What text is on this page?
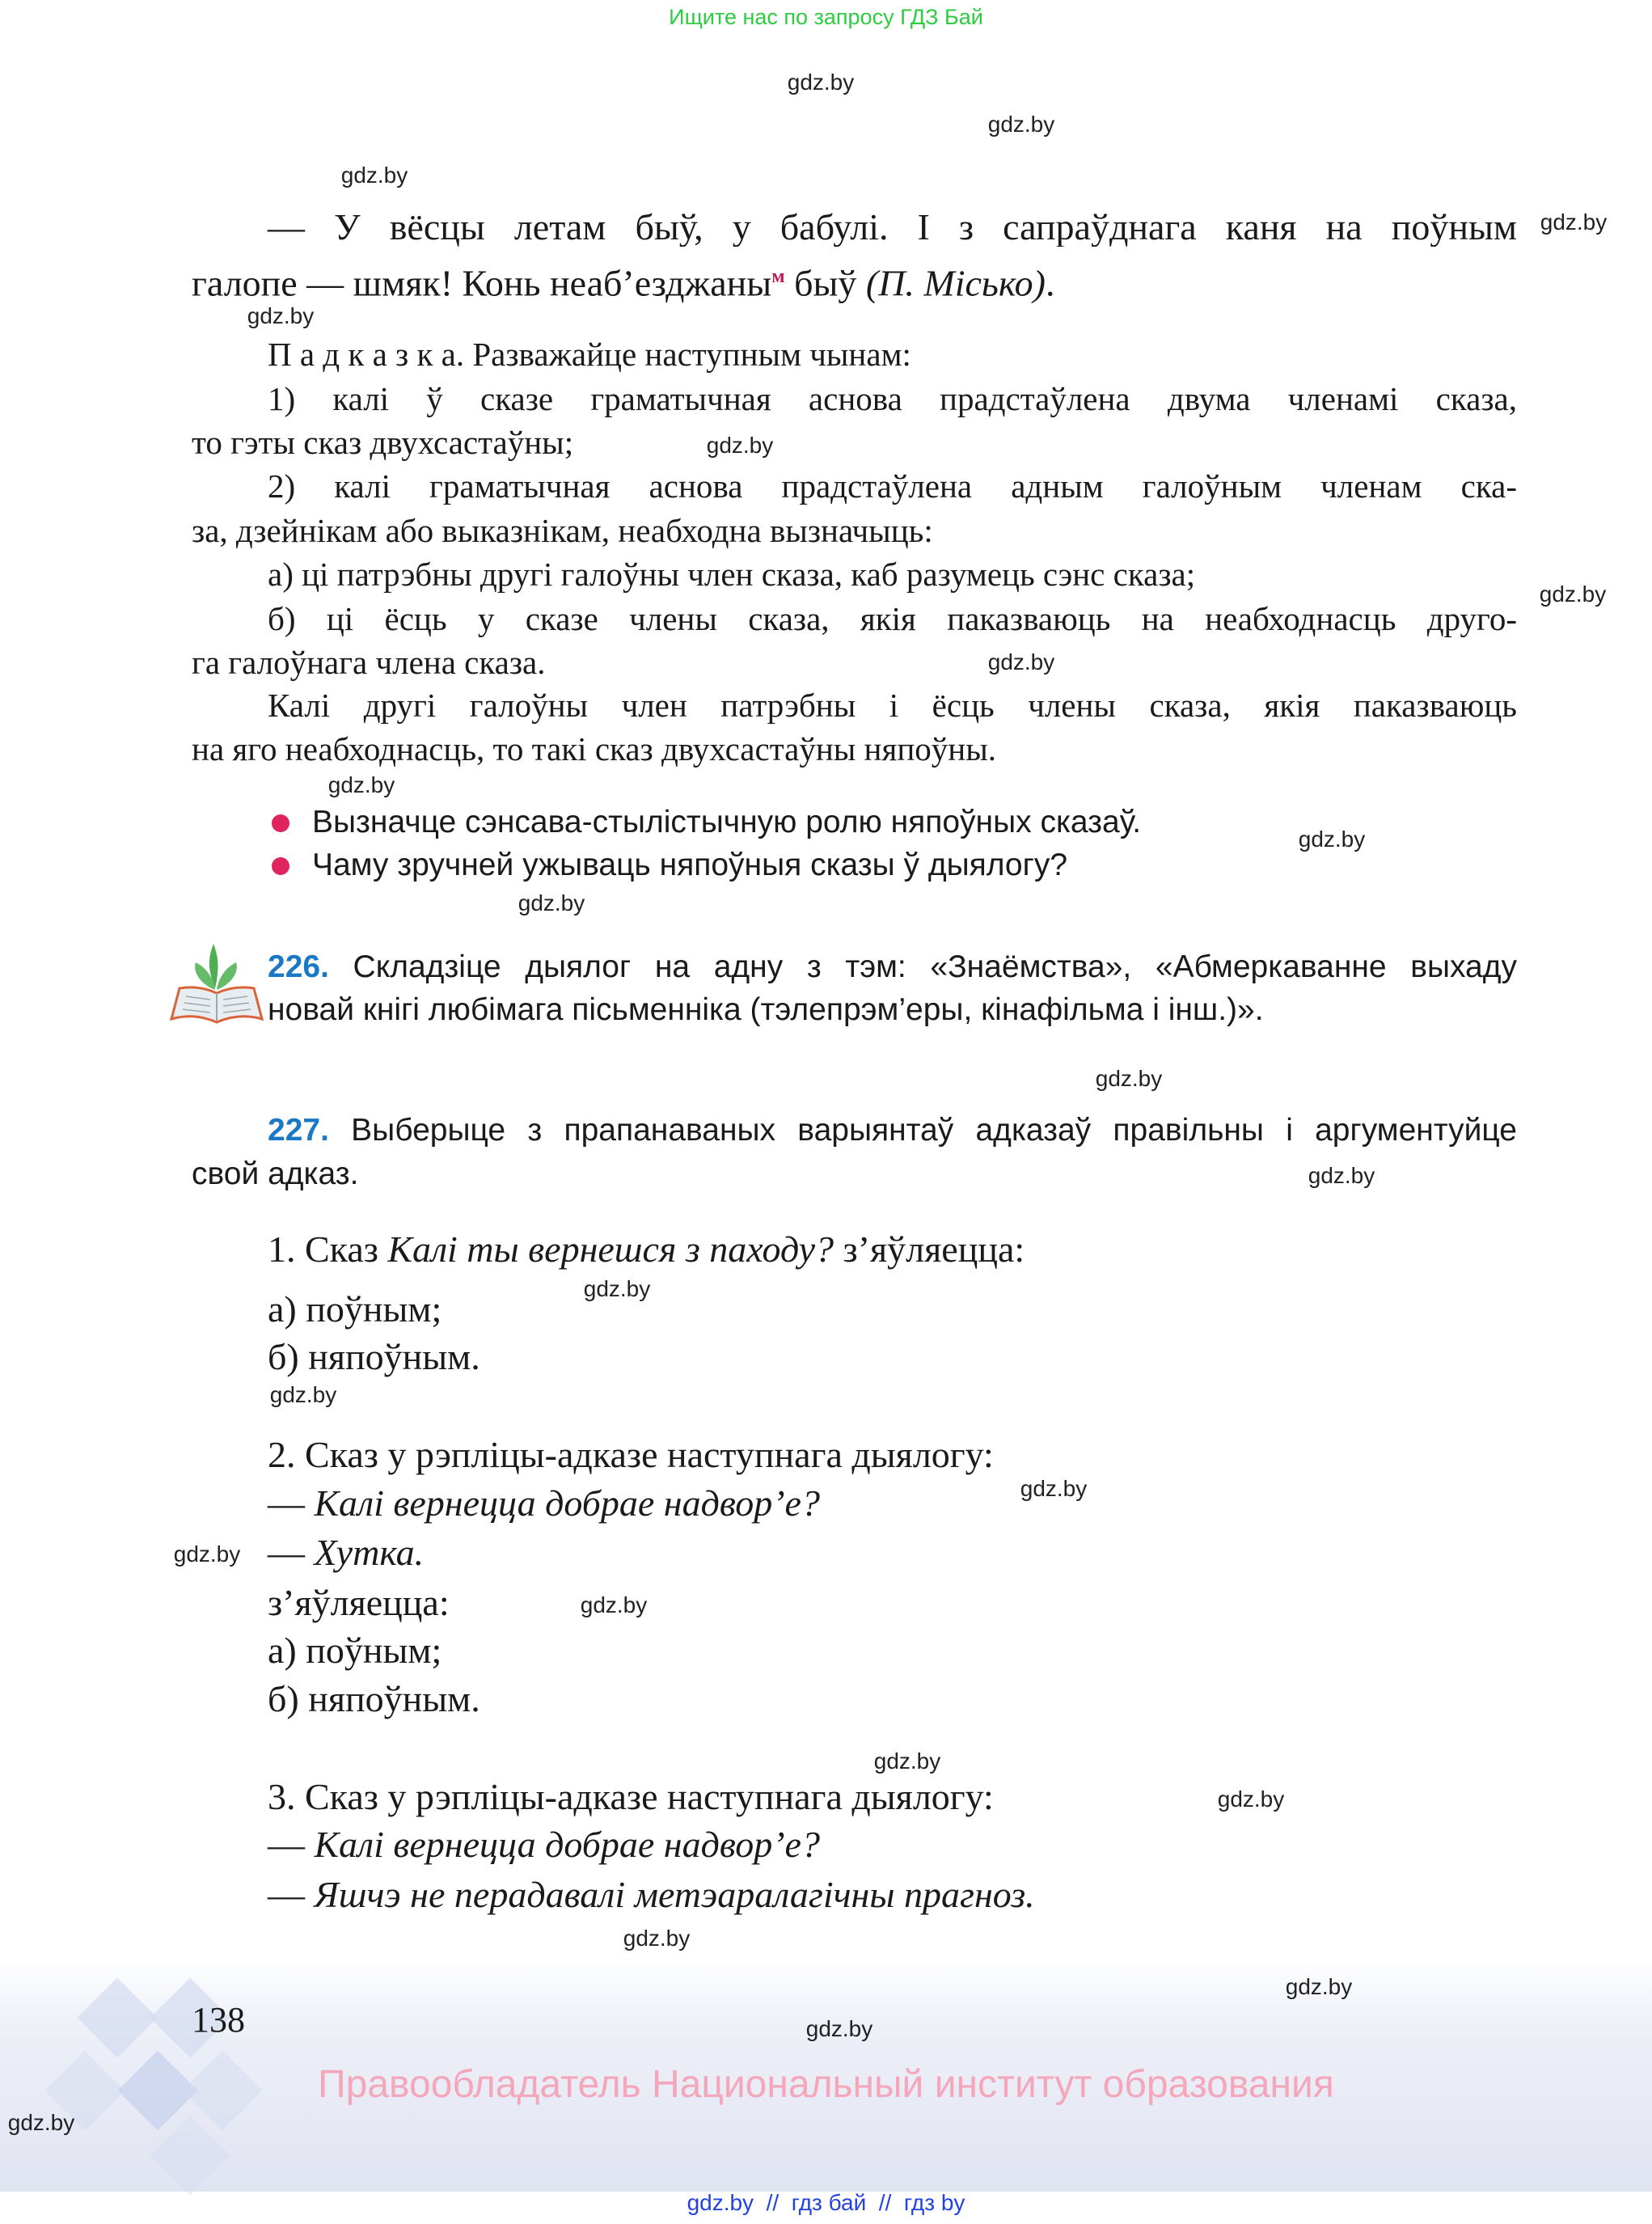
Ищите нас по запросу ГДЗ Бай
— У вёсцы летам быў, у бабулі. І з сапраўднага каня на поўным
галопе — шмяк! Конь неаб’езджаны$^м$ быў (П. Місько).
П а д к а з к а. Разважайце наступным чынам:
1) калі ў сказе граматычная аснова прадстаўлена двума членамі сказа,
то гэты сказ двухсастаўны;
2) калі граматычная аснова прадстаўлена адным галоўным членам ска-
за, дзейнікам або выказнікам, неабходна вызначыць:
а) ці патрэбны другі галоўны член сказа, каб разумець сэнс сказа;
б) ці ёсць у сказе члены сказа, якія паказваюць на неабходнасць друго-
га галоўнага члена сказа.
Калі другі галоўны член патрэбны і ёсць члены сказа, якія паказваюць
на яго неабходнасць, то такі сказ двухсастаўны няпоўны.
Вызначце сэнсава-стылістычную ролю няпоўных сказаў.
Чаму зручней ужываць няпоўныя сказы ў дыялогу?
226. Складзіце дыялог на адну з тэм: «Знаёмства», «Абмеркаванне выхаду
новай кнігі любімага пісьменніка (тэлепрэм’еры, кінафільма і інш.)».
227. Выберыце з прапанаваных варыянтаў адказаў правільны і аргументуйце
свой адказ.
1. Сказ Калі ты вернешся з паходу? з’яўляецца:
а) поўным;
б) няпоўным.
2. Сказ у рэпліцы-адказе наступнага дыялогу:
— Калі вернецца добрае надвор’е?
— Хутка.
з’яўляецца:
а) поўным;
б) няпоўным.
3. Сказ у рэпліцы-адказе наступнага дыялогу:
— Калі вернецца добрае надвор’е?
— Яшчэ не перадавалі метэаралагічны прагноз.
138
Правообладатель Национальный институт образования
gdz.by  //  гдз бай  //  гдз by
gdz.by
gdz.by
gdz.by
gdz.by
gdz.by
gdz.by
gdz.by
gdz.by
gdz.by
gdz.by
gdz.by
gdz.by
gdz.by
gdz.by
gdz.by
gdz.by
gdz.by
gdz.by
gdz.by
gdz.by
gdz.by
gdz.by
gdz.by
gdz.by
